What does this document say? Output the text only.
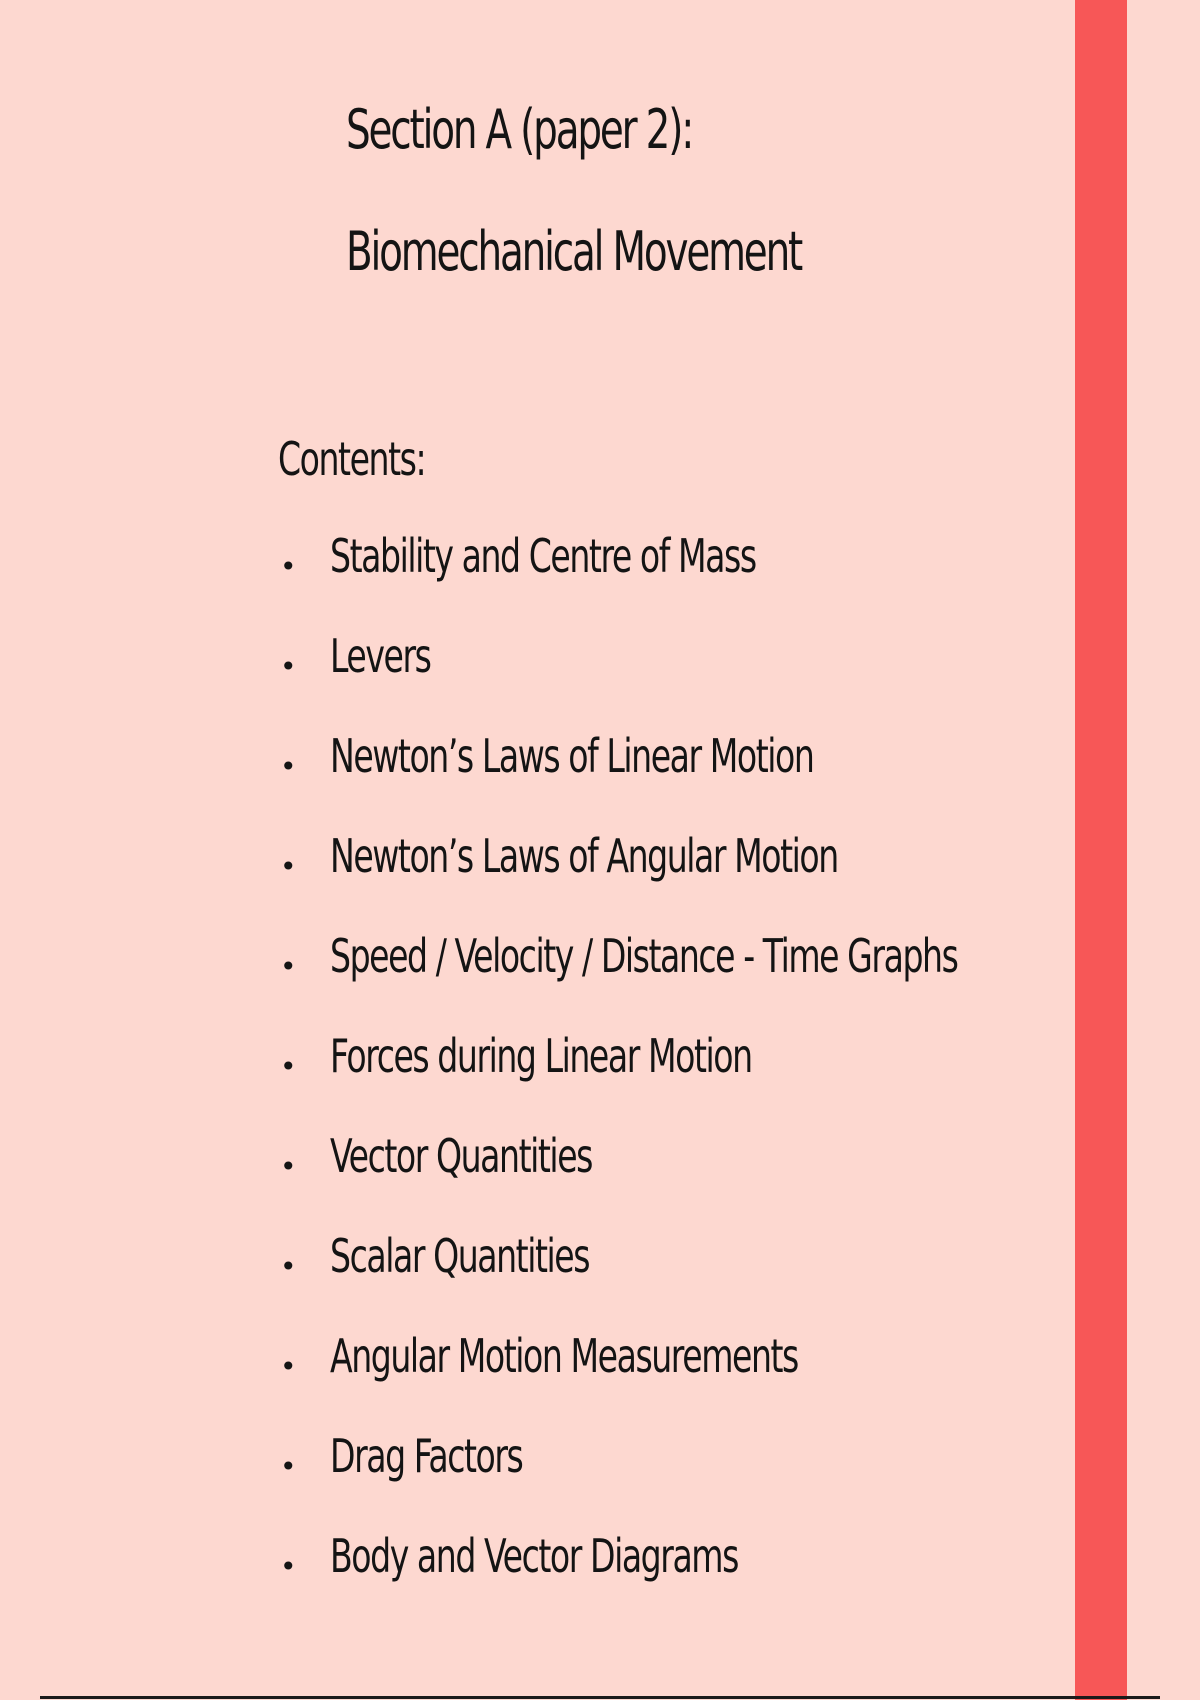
Section A (paper 2):
Biomechanical Movement
Contents:
• Stability and Centre of Mass
• Levers
• Newton’s Laws of Linear Motion
• Newton’s Laws of Angular Motion
• Speed / Velocity / Distance - Time Graphs
• Forces during Linear Motion
• Vector Quantities
• Scalar Quantities
• Angular Motion Measurements
• Drag Factors
• Body and Vector Diagrams
